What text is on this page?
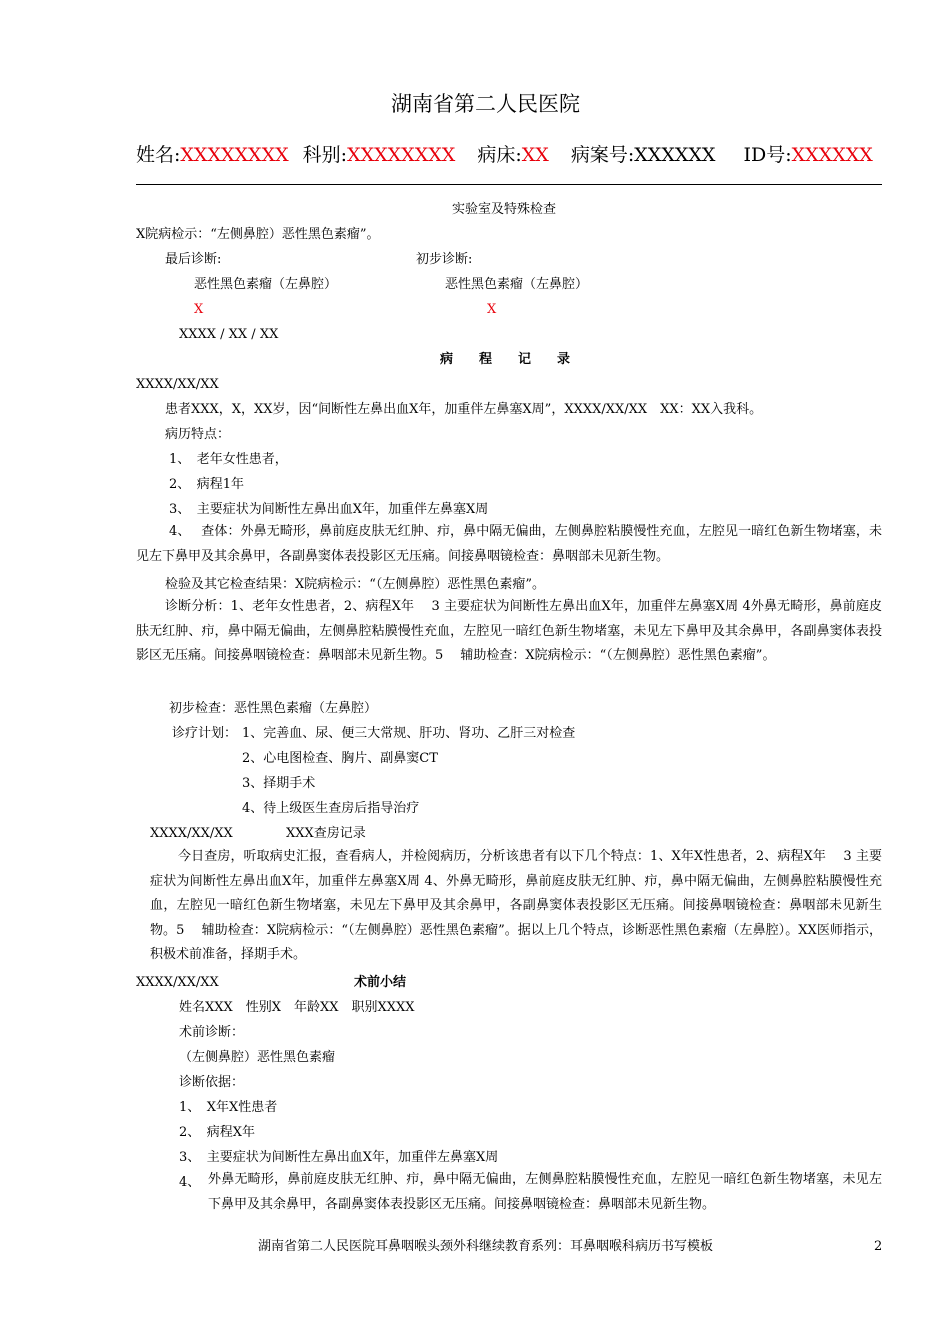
湖南省第二人民医院
姓名:XXXXXXXX 科别:XXXXXXXX 病床:XX 病案号:XXXXXX ID号:XXXXXX
实验室及特殊检查
X院病检示：“左侧鼻腔）恶性黑色素瘤”。
最后诊断:	初步诊断:
恶性黑色素瘤（左鼻腔）	恶性黑色素瘤（左鼻腔）
X	X
XXXX / XX / XX
病　　程　　记　　录
XXXX/XX/XX
患者XXX，X，XX岁，因“间断性左鼻出血X年，加重伴左鼻塞X周”，XXXX/XX/XX　XX：XX入我科。
病历特点：
1、　老年女性患者，
2、　病程1年
3、　主要症状为间断性左鼻出血X年，加重伴左鼻塞X周
4、　 查体：外鼻无畸形，鼻前庭皮肤无红肿、疖，鼻中隔无偏曲，左侧鼻腔粘膜慢性充血，左腔见一暗红色新生物堵塞，未见左下鼻甲及其余鼻甲，各副鼻窦体表投影区无压痛。间接鼻咽镜检查：鼻咽部未见新生物。
检验及其它检查结果：X院病检示：“（左侧鼻腔）恶性黑色素瘤”。
诊断分析：1、老年女性患者，2、病程X年　 3 主要症状为间断性左鼻出血X年，加重伴左鼻塞X周 4外鼻无畸形，鼻前庭皮肤无红肿、疖，鼻中隔无偏曲，左侧鼻腔粘膜慢性充血，左腔见一暗红色新生物堵塞，未见左下鼻甲及其余鼻甲，各副鼻窦体表投影区无压痛。间接鼻咽镜检查：鼻咽部未见新生物。5　 辅助检查：X院病检示：“（左侧鼻腔）恶性黑色素瘤”。
初步检查：恶性黑色素瘤（左鼻腔）
诊疗计划： 1、完善血、尿、便三大常规、肝功、肾功、乙肝三对检查
2、心电图检查、胸片、副鼻窦CT
3、择期手术
4、待上级医生查房后指导治疗
XXXX/XX/XX	XXX查房记录
今日查房，听取病史汇报，查看病人，并检阅病历，分析该患者有以下几个特点：1、X年X性患者，2、病程X年　 3 主要症状为间断性左鼻出血X年，加重伴左鼻塞X周 4、外鼻无畸形，鼻前庭皮肤无红肿、疖，鼻中隔无偏曲，左侧鼻腔粘膜慢性充血，左腔见一暗红色新生物堵塞，未见左下鼻甲及其余鼻甲，各副鼻窦体表投影区无压痛。间接鼻咽镜检查：鼻咽部未见新生物。5　 辅助检查：X院病检示：“（左侧鼻腔）恶性黑色素瘤”。据以上几个特点，诊断恶性黑色素瘤（左鼻腔）。XX医师指示，积极术前准备，择期手术。
XXXX/XX/XX	术前小结
姓名XXX　性别X　年龄XX　职别XXXX
术前诊断：
（左侧鼻腔）恶性黑色素瘤
诊断依据：
1、　X年X性患者
2、　病程X年
3、　主要症状为间断性左鼻出血X年，加重伴左鼻塞X周
4、 外鼻无畸形，鼻前庭皮肤无红肿、疖，鼻中隔无偏曲，左侧鼻腔粘膜慢性充血，左腔见一暗红色新生物堵塞，未见左下鼻甲及其余鼻甲，各副鼻窦体表投影区无压痛。间接鼻咽镜检查：鼻咽部未见新生物。
湖南省第二人民医院耳鼻咽喉头颈外科继续教育系列：耳鼻咽喉科病历书写模板	2
